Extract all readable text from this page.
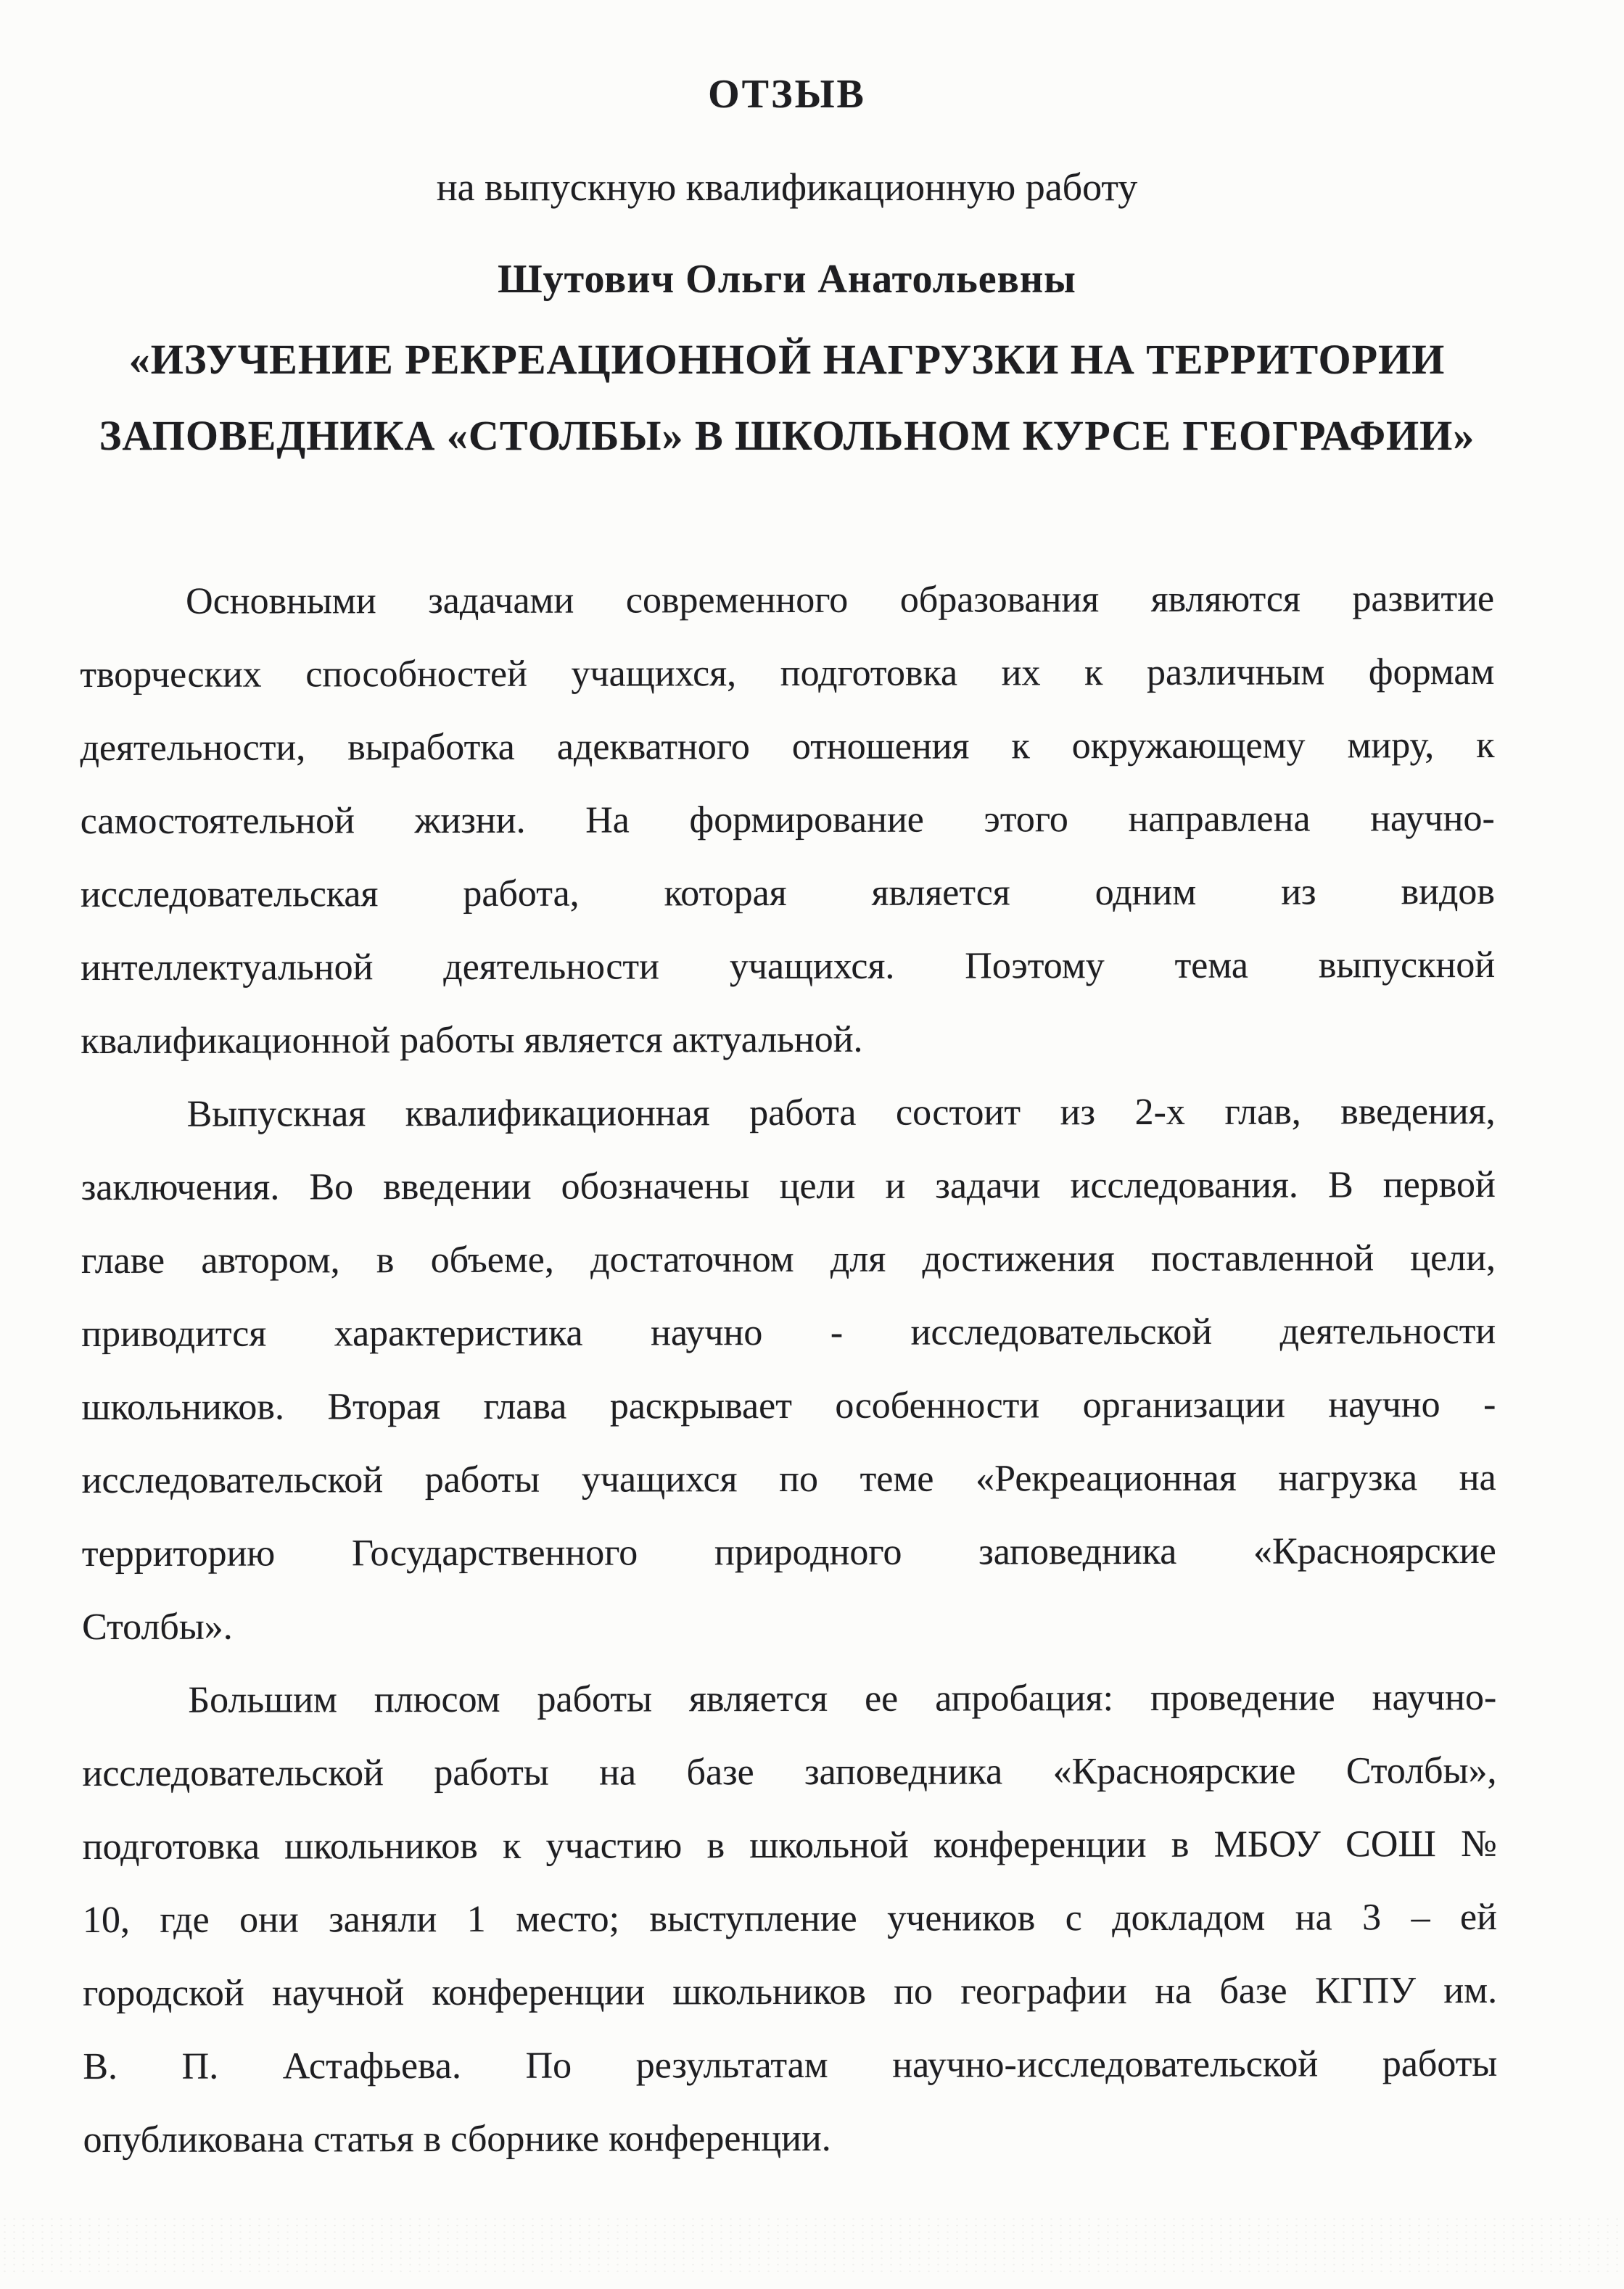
ОТЗЫВ
на выпускную квалификационную работу
Шутович Ольги Анатольевны
«ИЗУЧЕНИЕ РЕКРЕАЦИОННОЙ НАГРУЗКИ НА ТЕРРИТОРИИ
ЗАПОВЕДНИКА «СТОЛБЫ» В ШКОЛЬНОМ КУРСЕ ГЕОГРАФИИ»
Основными задачами современного образования являются развитие
творческих способностей учащихся, подготовка их к различным формам
деятельности, выработка адекватного отношения к окружающему миру, к
самостоятельной жизни. На формирование этого направлена научно-
исследовательская работа, которая является одним из видов
интеллектуальной деятельности учащихся. Поэтому тема выпускной
квалификационной работы является актуальной.
Выпускная квалификационная работа состоит из 2-х глав, введения,
заключения. Во введении обозначены цели и задачи исследования. В первой
главе автором, в объеме, достаточном для достижения поставленной цели,
приводится характеристика научно - исследовательской деятельности
школьников. Вторая глава раскрывает особенности организации научно -
исследовательской работы учащихся по теме «Рекреационная нагрузка на
территорию Государственного природного заповедника «Красноярские
Столбы».
Большим плюсом работы является ее апробация: проведение научно-
исследовательской работы на базе заповедника «Красноярские Столбы»,
подготовка школьников к участию в школьной конференции в МБОУ СОШ №
10, где они заняли 1 место; выступление учеников с докладом на 3 – ей
городской научной конференции школьников по географии на базе КГПУ им.
В. П. Астафьева. По результатам научно-исследовательской работы
опубликована статья в сборнике конференции.
